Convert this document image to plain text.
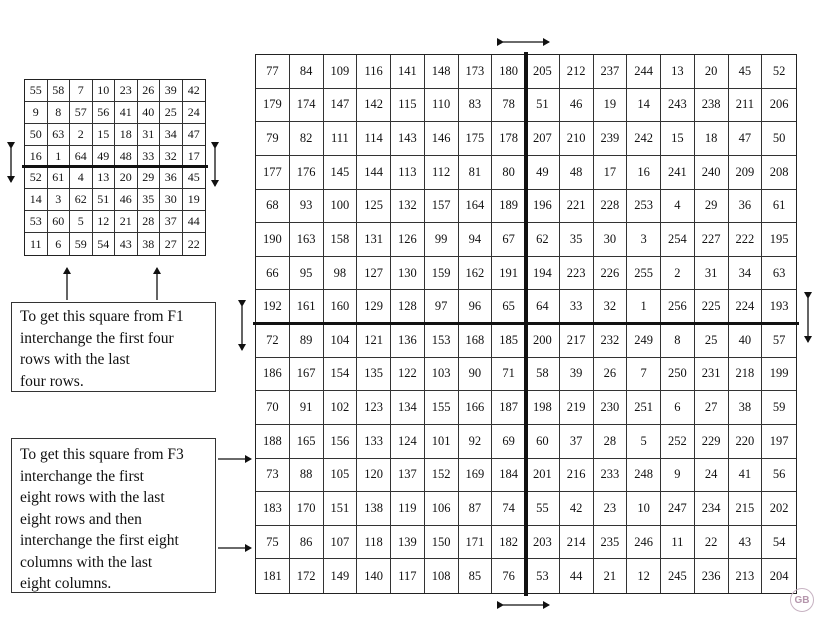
55 58	7	10 23 26 39 42
9	8	57 56 41 40 25 24
50 63	2	15 18 31 34 47
16	1	64 49 48 33 32 17
52 61	4	13 20 29 36 45
14	3	62 51 46 35 30 19
53 60	5	12 21 28 37 44
11	6	59 54 43 38 27 22
77	84	109	116	141	148	173	180	205	212	237	244	13	20	45	52
179	174	147	142	115	110	83	78	51	46	19	14	243	238	211	206
79	82	111	114	143	146	175	178	207	210	239	242	15	18	47	50
177	176	145	144	113	112	81	80	49	48	17	16	241	240	209	208
68	93	100	125	132	157	164	189	196	221	228	253	4	29	36	61
190	163	158	131	126	99	94	67	62	35	30	3	254	227	222	195
66	95	98	127	130	159	162	191	194	223	226	255	2	31	34	63
192	161	160	129	128	97	96	65	64	33	32	1	256	225	224	193
72	89	104	121	136	153	168	185	200	217	232	249	8	25	40	57
186	167	154	135	122	103	90	71	58	39	26	7	250	231	218	199
70	91	102	123	134	155	166	187	198	219	230	251	6	27	38	59
188	165	156	133	124	101	92	69	60	37	28	5	252	229	220	197
73	88	105	120	137	152	169	184	201	216	233	248	9	24	41	56
183	170	151	138	119	106	87	74	55	42	23	10	247	234	215	202
75	86	107	118	139	150	171	182	203	214	235	246	11	22	43	54
181	172	149	140	117	108	85	76	53	44	21	12	245	236	213	204
To get this square from F1
interchange the first four
rows with the last
four rows.
To get this square from F3
interchange the first
eight rows with the last
eight rows and then
interchange the first eight
columns with the last
eight columns.
GB
